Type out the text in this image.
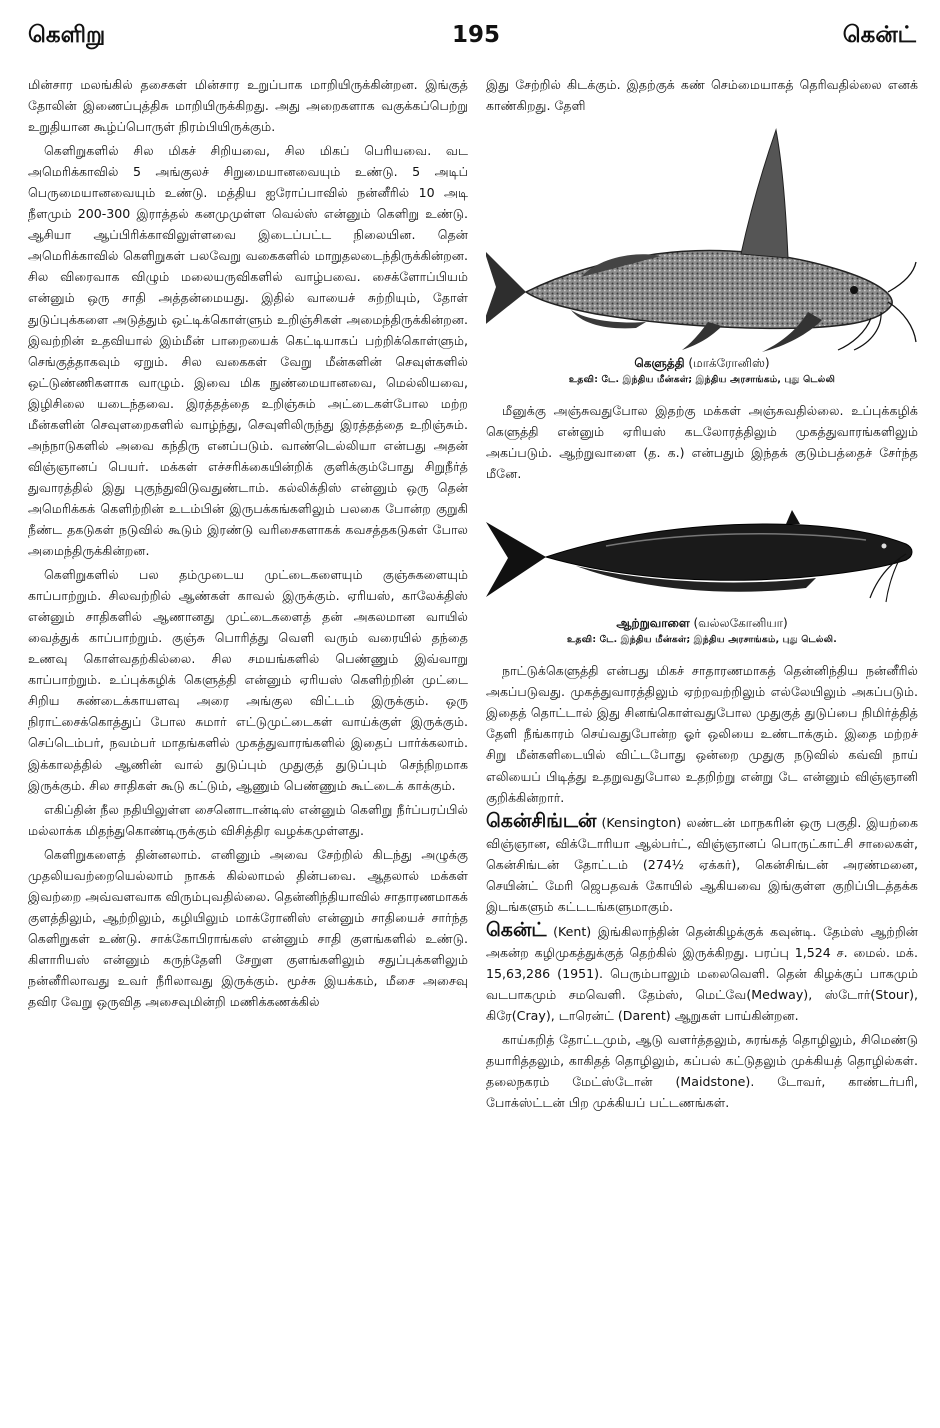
கெளிறு	195	கென்ட்

மின்சார மலங்கில் தசைகள் மின்சார உறுப்பாக மாறியிருக்கின்றன. இங்குத் தோலின் இணைப்புத்திசு மாறியிருக்கிறது. அது அறைகளாக வகுக்கப்பெற்று உறுதியான கூழ்ப்பொருள் நிரம்பியிருக்கும்.

கெளிறுகளில் சில மிகச் சிறியவை, சில மிகப் பெரியவை. வட அமெரிக்காவில் 5 அங்குலச் சிறுமையானவையும் உண்டு. 5 அடிப் பெருமையானவையும் உண்டு. மத்திய ஐரோப்பாவில் நன்னீரில் 10 அடி நீளமும் 200-300 இராத்தல் கனமுமுள்ள வெல்ஸ் என்னும் கெளிறு உண்டு. ஆசியா ஆப்பிரிக்காவிலுள்ளவை இடைப்பட்ட நிலையின. தென் அமெரிக்காவில் கெளிறுகள் பலவேறு வகைகளில் மாறுதலடைந்திருக்கின்றன. சில விரைவாக விழும் மலையருவிகளில் வாழ்பவை. சைக்ளோப்பியம் என்னும் ஒரு சாதி அத்தன்மையது. இதில் வாயைச் சுற்றியும், தோள் துடுப்புக்களை அடுத்தும் ஒட்டிக்கொள்ளும் உறிஞ்சிகள் அமைந்திருக்கின்றன. இவற்றின் உதவியால் இம்மீன் பாறையைக் கெட்டியாகப் பற்றிக்கொள்ளும், செங்குத்தாகவும் ஏறும். சில வகைகள் வேறு மீன்களின் செவுள்களில் ஒட்டுண்ணிகளாக வாழும். இவை மிக நுண்மையானவை, மெல்லியவை, இழிசிலை யடைந்தவை. இரத்தத்தை உறிஞ்சும் அட்டைகள்போல மற்ற மீன்களின் செவுளறைகளில் வாழ்ந்து, செவுளிலிருந்து இரத்தத்தை உறிஞ்சும். அந்நாடுகளில் அவை கந்திரு எனப்படும். வாண்டெல்லியா என்பது அதன் விஞ்ஞானப் பெயர். மக்கள் எச்சரிக்கையின்றிக் குளிக்கும்போது சிறுநீர்த் துவாரத்தில் இது புகுந்துவிடுவதுண்டாம். கல்லிக்திஸ் என்னும் ஒரு தென் அமெரிக்கக் கெளிற்றின் உடம்பின் இருபக்கங்களிலும் பலகை போன்ற குறுகி நீண்ட தகடுகள் நடுவில் கூடும் இரண்டு வரிசைகளாகக் கவசத்தகடுகள் போல அமைந்திருக்கின்றன.

கெளிறுகளில் பல தம்முடைய முட்டைகளையும் குஞ்சுகளையும் காப்பாற்றும். சிலவற்றில் ஆண்கள் காவல் இருக்கும். ஏரியஸ், காலேக்திஸ் என்னும் சாதிகளில் ஆணானது முட்டைகளைத் தன் அகலமான வாயில் வைத்துக் காப்பாற்றும். குஞ்சு பொரித்து வெளி வரும் வரையில் தந்தை உணவு கொள்வதற்கில்லை. சில சமயங்களில் பெண்ணும் இவ்வாறு காப்பாற்றும். உப்புக்கழிக் கெளுத்தி என்னும் ஏரியஸ் கெளிற்றின் முட்டை சிறிய சுண்டைக்காயளவு அரை அங்குல விட்டம் இருக்கும். ஒரு நிராட்சைக்கொத்துப் போல சுமார் எட்டுமுட்டைகள் வாய்க்குள் இருக்கும். செப்டெம்பர், நவம்பர் மாதங்களில் முகத்துவாரங்களில் இதைப் பார்க்கலாம். இக்காலத்தில் ஆணின் வால் துடுப்பும் முதுகுத் துடுப்பும் செந்நிறமாக இருக்கும். சில சாதிகள் கூடு கட்டும், ஆணும் பெண்ணும் கூட்டைக் காக்கும்.

எகிப்தின் நீல நதியிலுள்ள சைனொடான்டிஸ் என்னும் கெளிறு நீர்ப்பரப்பில் மல்லாக்க மிதந்துகொண்டிருக்கும் விசித்திர வழக்கமுள்ளது.

கெளிறுகளைத் தின்னலாம். எனினும் அவை சேற்றில் கிடந்து அழுக்கு முதலியவற்றையெல்லாம் நாகக் கில்லாமல் தின்பவை. ஆதலால் மக்கள் இவற்றை அவ்வளவாக விரும்புவதில்லை. தென்னிந்தியாவில் சாதாரணமாகக் குளத்திலும், ஆற்றிலும், கழியிலும் மாக்ரோனிஸ் என்னும் சாதியைச் சார்ந்த கெளிறுகள் உண்டு. சாக்கோபிராங்கஸ் என்னும் சாதி குளங்களில் உண்டு. கிளாரியஸ் என்னும் கருந்தேளி சேறுள குளங்களிலும் சதுப்புக்களிலும் நன்னீரிலாவது உவர் நீரிலாவது இருக்கும். மூச்சு இயக்கம், மீசை அசைவு தவிர வேறு ஒருவித அசைவுமின்றி மணிக்கணக்கில்

இது சேற்றில் கிடக்கும். இதற்குக் கண் செம்மையாகத் தெரிவதில்லை எனக் காண்கிறது. தேளி

கெளுத்தி (மாக்ரோனிஸ்)
உதவி: டே. இந்திய மீன்கள்; இந்திய அரசாங்கம், புது டெல்லி

மீனுக்கு அஞ்சுவதுபோல இதற்கு மக்கள் அஞ்சுவதில்லை. உப்புக்கழிக் கெளுத்தி என்னும் ஏரியஸ் கடலோரத்திலும் முகத்துவாரங்களிலும் அகப்படும். ஆற்றுவாளை (த. க.) என்பதும் இந்தக் குடும்பத்தைச் சேர்ந்த மீனே.

ஆற்றுவாளை (வல்லகோனியா)
உதவி: டே. இந்திய மீன்கள்; இந்திய அரசாங்கம், புது டெல்லி.

நாட்டுக்கெளுத்தி என்பது மிகச் சாதாரணமாகத் தென்னிந்திய நன்னீரில் அகப்படுவது. முகத்துவாரத்திலும் ஏற்றவற்றிலும் எல்லேயிலும் அகப்படும். இதைத் தொட்டால் இது சினங்கொள்வதுபோல முதுகுத் துடுப்பை நிமிர்த்தித் தேளி நீங்காரம் செய்வதுபோன்ற ஓர் ஒலியை உண்டாக்கும். இதை மற்றச் சிறு மீன்களிடையில் விட்டபோது ஒன்றை முதுகு நடுவில் கவ்வி நாய் எலியைப் பிடித்து உதறுவதுபோல உதறிற்று என்று டே என்னும் விஞ்ஞானி குறிக்கின்றார்.

கென்சிங்டன் (Kensington) லண்டன் மாநகரின் ஒரு பகுதி. இயற்கை விஞ்ஞான, விக்டோரியா ஆல்பர்ட், விஞ்ஞானப் பொருட்காட்சி சாலைகள், கென்சிங்டன் தோட்டம் (274½ ஏக்கர்), கென்சிங்டன் அரண்மனை, செயின்ட் மேரி ஜெபதவக் கோயில் ஆகியவை இங்குள்ள குறிப்பிடத்தக்க இடங்களும் கட்டடங்களுமாகும்.

கென்ட் (Kent) இங்கிலாந்தின் தென்கிழக்குக் கவுன்டி. தேம்ஸ் ஆற்றின் அகன்ற கழிமுகத்துக்குத் தெற்கில் இருக்கிறது. பரப்பு 1,524 ச. மைல். மக். 15,63,286 (1951). பெரும்பாலும் மலைவெளி. தென் கிழக்குப் பாகமும் வடபாகமும் சமவெளி. தேம்ஸ், மெட்வே(Medway), ஸ்டோர்(Stour), கிரே(Cray), டாரென்ட் (Darent) ஆறுகள் பாய்கின்றன.

காய்கறித் தோட்டமும், ஆடு வளர்த்தலும், சுரங்கத் தொழிலும், சிமெண்டு தயாரித்தலும், காகிதத் தொழிலும், கப்பல் கட்டுதலும் முக்கியத் தொழில்கள். தலைநகரம் மேட்ஸ்டோன் (Maidstone). டோவர், காண்டர்பரி, போக்ஸ்ட்டன் பிற முக்கியப் பட்டணங்கள்.
